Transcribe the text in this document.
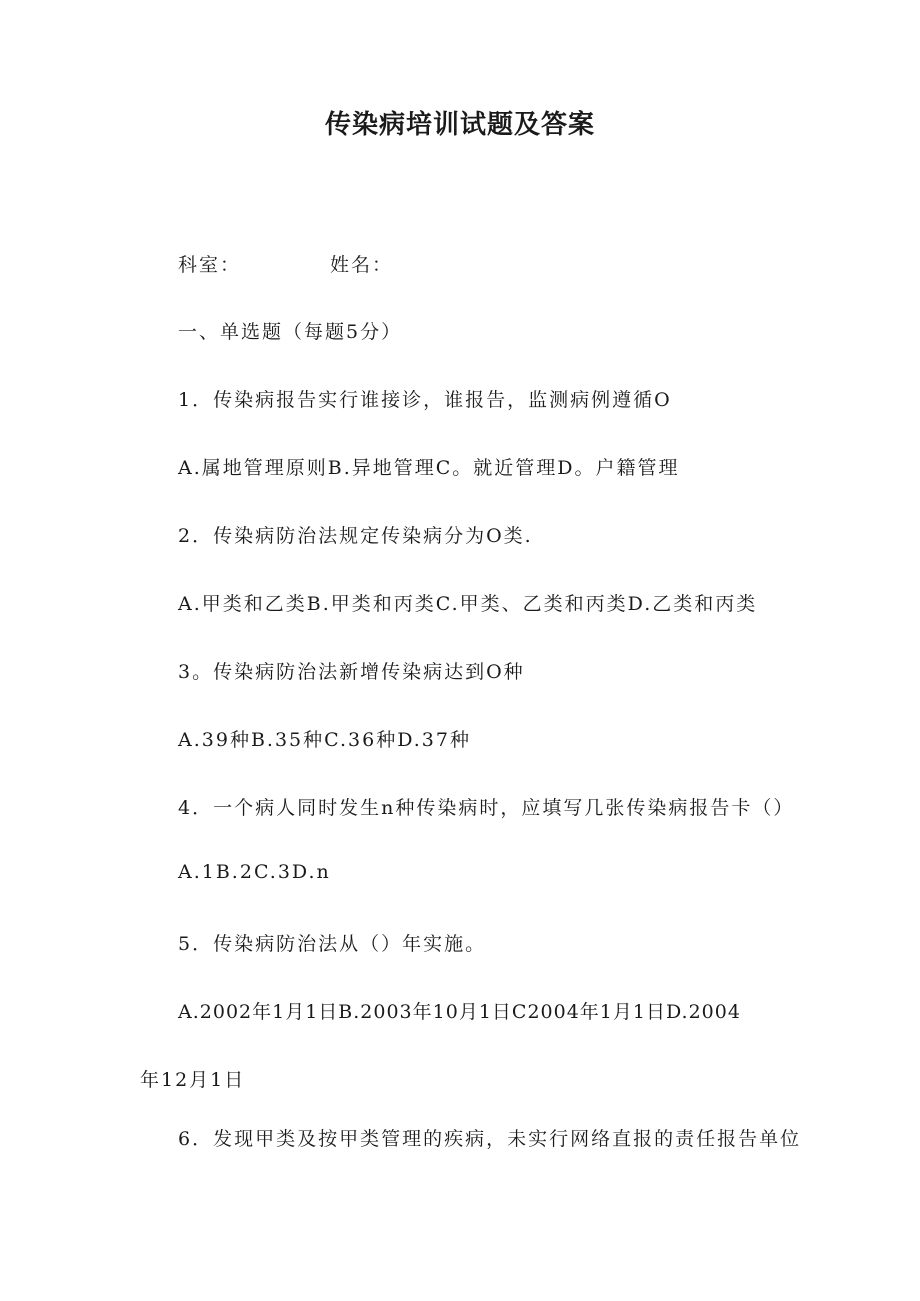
传染病培训试题及答案
科室：	姓名：

一、单选题（每题5分）

1．传染病报告实行谁接诊，谁报告，监测病例遵循O

A.属地管理原则B.异地管理C。就近管理D。户籍管理

2．传染病防治法规定传染病分为O类.

A.甲类和乙类B.甲类和丙类C.甲类、乙类和丙类D.乙类和丙类

3。传染病防治法新增传染病达到O种

A.39种B.35种C.36种D.37种

4．一个病人同时发生n种传染病时，应填写几张传染病报告卡（）

A.1B.2C.3D.n

5．传染病防治法从（）年实施。

A.2002年1月1日B.2003年10月1日C2004年1月1日D.2004

年12月1日

6．发现甲类及按甲类管理的疾病，未实行网络直报的责任报告单位
